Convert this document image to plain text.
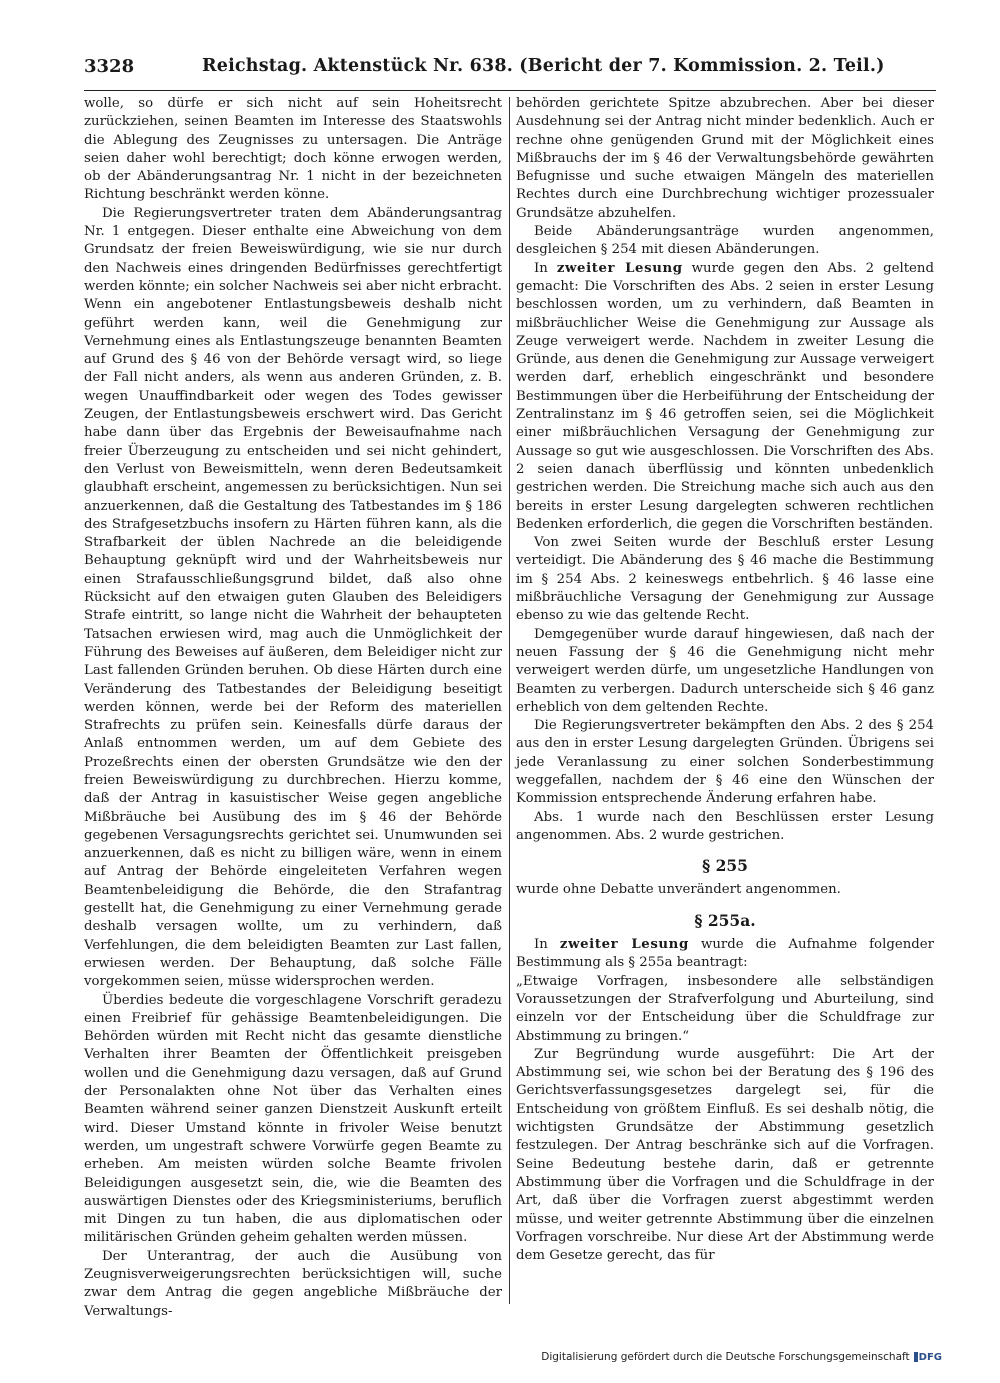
3328	Reichstag. Aktenstück Nr. 638. (Bericht der 7. Kommission. 2. Teil.)

wolle, so dürfe er sich nicht auf sein Hoheitsrecht zurückziehen, seinen Beamten im Interesse des Staatswohls die Ablegung des Zeugnisses zu untersagen. Die Anträge seien daher wohl berechtigt; doch könne erwogen werden, ob der Abänderungsantrag Nr. 1 nicht in der bezeichneten Richtung beschränkt werden könne.

Die Regierungsvertreter traten dem Abänderungsantrag Nr. 1 entgegen. Dieser enthalte eine Abweichung von dem Grundsatz der freien Beweiswürdigung, wie sie nur durch den Nachweis eines dringenden Bedürfnisses gerechtfertigt werden könnte; ein solcher Nachweis sei aber nicht erbracht. Wenn ein angebotener Entlastungsbeweis deshalb nicht geführt werden kann, weil die Genehmigung zur Vernehmung eines als Entlastungszeuge benannten Beamten auf Grund des § 46 von der Behörde versagt wird, so liege der Fall nicht anders, als wenn aus anderen Gründen, z. B. wegen Unauffindbarkeit oder wegen des Todes gewisser Zeugen, der Entlastungsbeweis erschwert wird. Das Gericht habe dann über das Ergebnis der Beweisaufnahme nach freier Überzeugung zu entscheiden und sei nicht gehindert, den Verlust von Beweismitteln, wenn deren Bedeutsamkeit glaubhaft erscheint, angemessen zu berücksichtigen. Nun sei anzuerkennen, daß die Gestaltung des Tatbestandes im § 186 des Strafgesetzbuchs insofern zu Härten führen kann, als die Strafbarkeit der üblen Nachrede an die beleidigende Behauptung geknüpft wird und der Wahrheitsbeweis nur einen Strafausschließungsgrund bildet, daß also ohne Rücksicht auf den etwaigen guten Glauben des Beleidigers Strafe eintritt, so lange nicht die Wahrheit der behaupteten Tatsachen erwiesen wird, mag auch die Unmöglichkeit der Führung des Beweises auf äußeren, dem Beleidiger nicht zur Last fallenden Gründen beruhen. Ob diese Härten durch eine Veränderung des Tatbestandes der Beleidigung beseitigt werden können, werde bei der Reform des materiellen Strafrechts zu prüfen sein. Keinesfalls dürfe daraus der Anlaß entnommen werden, um auf dem Gebiete des Prozeßrechts einen der obersten Grundsätze wie den der freien Beweiswürdigung zu durchbrechen. Hierzu komme, daß der Antrag in kasuistischer Weise gegen angebliche Mißbräuche bei Ausübung des im § 46 der Behörde gegebenen Versagungsrechts gerichtet sei. Unumwunden sei anzuerkennen, daß es nicht zu billigen wäre, wenn in einem auf Antrag der Behörde eingeleiteten Verfahren wegen Beamtenbeleidigung die Behörde, die den Strafantrag gestellt hat, die Genehmigung zu einer Vernehmung gerade deshalb versagen wollte, um zu verhindern, daß Verfehlungen, die dem beleidigten Beamten zur Last fallen, erwiesen werden. Der Behauptung, daß solche Fälle vorgekommen seien, müsse widersprochen werden.

Überdies bedeute die vorgeschlagene Vorschrift geradezu einen Freibrief für gehässige Beamtenbeleidigungen. Die Behörden würden mit Recht nicht das gesamte dienstliche Verhalten ihrer Beamten der Öffentlichkeit preisgeben wollen und die Genehmigung dazu versagen, daß auf Grund der Personalakten ohne Not über das Verhalten eines Beamten während seiner ganzen Dienstzeit Auskunft erteilt wird. Dieser Umstand könnte in frivoler Weise benutzt werden, um ungestraft schwere Vorwürfe gegen Beamte zu erheben. Am meisten würden solche Beamte frivolen Beleidigungen ausgesetzt sein, die, wie die Beamten des auswärtigen Dienstes oder des Kriegsministeriums, beruflich mit Dingen zu tun haben, die aus diplomatischen oder militärischen Gründen geheim gehalten werden müssen.

Der Unterantrag, der auch die Ausübung von Zeugnisverweigerungsrechten berücksichtigen will, suche zwar dem Antrag die gegen angebliche Mißbräuche der Verwaltungs-

behörden gerichtete Spitze abzubrechen. Aber bei dieser Ausdehnung sei der Antrag nicht minder bedenklich. Auch er rechne ohne genügenden Grund mit der Möglichkeit eines Mißbrauchs der im § 46 der Verwaltungsbehörde gewährten Befugnisse und suche etwaigen Mängeln des materiellen Rechtes durch eine Durchbrechung wichtiger prozessualer Grundsätze abzuhelfen.

Beide Abänderungsanträge wurden angenommen, desgleichen § 254 mit diesen Abänderungen.

In zweiter Lesung wurde gegen den Abs. 2 geltend gemacht: Die Vorschriften des Abs. 2 seien in erster Lesung beschlossen worden, um zu verhindern, daß Beamten in mißbräuchlicher Weise die Genehmigung zur Aussage als Zeuge verweigert werde. Nachdem in zweiter Lesung die Gründe, aus denen die Genehmigung zur Aussage verweigert werden darf, erheblich eingeschränkt und besondere Bestimmungen über die Herbeiführung der Entscheidung der Zentralinstanz im § 46 getroffen seien, sei die Möglichkeit einer mißbräuchlichen Versagung der Genehmigung zur Aussage so gut wie ausgeschlossen. Die Vorschriften des Abs. 2 seien danach überflüssig und könnten unbedenklich gestrichen werden. Die Streichung mache sich auch aus den bereits in erster Lesung dargelegten schweren rechtlichen Bedenken erforderlich, die gegen die Vorschriften beständen.

Von zwei Seiten wurde der Beschluß erster Lesung verteidigt. Die Abänderung des § 46 mache die Bestimmung im § 254 Abs. 2 keineswegs entbehrlich. § 46 lasse eine mißbräuchliche Versagung der Genehmigung zur Aussage ebenso zu wie das geltende Recht.

Demgegenüber wurde darauf hingewiesen, daß nach der neuen Fassung der § 46 die Genehmigung nicht mehr verweigert werden dürfe, um ungesetzliche Handlungen von Beamten zu verbergen. Dadurch unterscheide sich § 46 ganz erheblich von dem geltenden Rechte.

Die Regierungsvertreter bekämpften den Abs. 2 des § 254 aus den in erster Lesung dargelegten Gründen. Übrigens sei jede Veranlassung zu einer solchen Sonderbestimmung weggefallen, nachdem der § 46 eine den Wünschen der Kommission entsprechende Änderung erfahren habe.

Abs. 1 wurde nach den Beschlüssen erster Lesung angenommen. Abs. 2 wurde gestrichen.

§ 255

wurde ohne Debatte unverändert angenommen.

§ 255a.

In zweiter Lesung wurde die Aufnahme folgender Bestimmung als § 255a beantragt:

„Etwaige Vorfragen, insbesondere alle selbständigen Voraussetzungen der Strafverfolgung und Aburteilung, sind einzeln vor der Entscheidung über die Schuldfrage zur Abstimmung zu bringen.“

Zur Begründung wurde ausgeführt: Die Art der Abstimmung sei, wie schon bei der Beratung des § 196 des Gerichtsverfassungsgesetzes dargelegt sei, für die Entscheidung von größtem Einfluß. Es sei deshalb nötig, die wichtigsten Grundsätze der Abstimmung gesetzlich festzulegen. Der Antrag beschränke sich auf die Vorfragen. Seine Bedeutung bestehe darin, daß er getrennte Abstimmung über die Vorfragen und die Schuldfrage in der Art, daß über die Vorfragen zuerst abgestimmt werden müsse, und weiter getrennte Abstimmung über die einzelnen Vorfragen vorschreibe. Nur diese Art der Abstimmung werde dem Gesetze gerecht, das für

Digitalisierung gefördert durch die Deutsche Forschungsgemeinschaft DFG
